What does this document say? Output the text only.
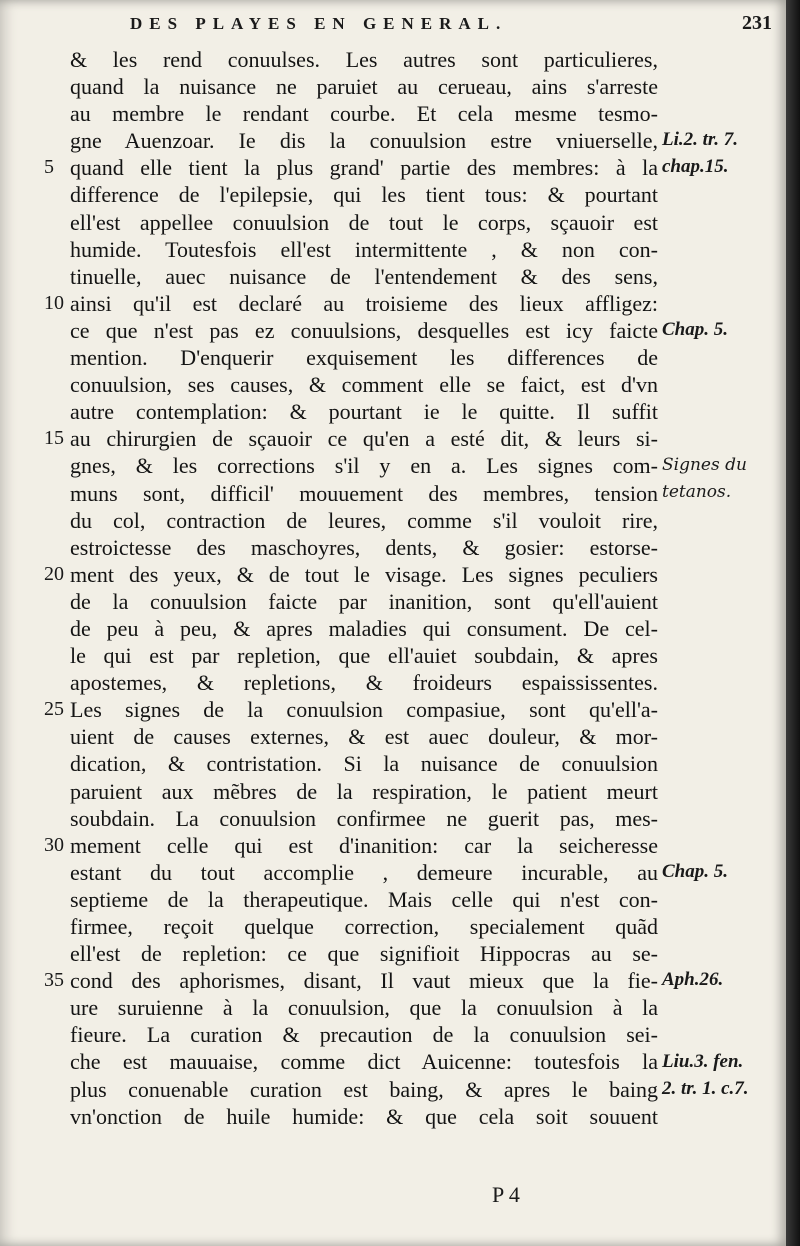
DES PLAYES EN GENERAL.	231
& les rend conuulses. Les autres sont particulieres,
quand la nuisance ne paruiet au cerueau, ains s'arreste
au membre le rendant courbe. Et cela mesme tesmo-
gne Auenzoar. Ie dis la conuulsion estre vniuerselle,
5 quand elle tient la plus grand' partie des membres: à la
difference de l'epilepsie, qui les tient tous: & pourtant
ell'est appellee conuulsion de tout le corps, sçauoir est
humide. Toutesfois ell'est intermittente , & non con-
tinuelle, auec nuisance de l'entendement & des sens,
10 ainsi qu'il est declaré au troisieme des lieux affligez:
ce que n'est pas ez conuulsions, desquelles est icy faicte
mention. D'enquerir exquisement les differences de
conuulsion, ses causes, & comment elle se faict, est d'vn
autre contemplation: & pourtant ie le quitte. Il suffit
15 au chirurgien de sçauoir ce qu'en a esté dit, & leurs si-
gnes, & les corrections s'il y en a. Les signes com-
muns sont, difficil' mouuement des membres, tension
du col, contraction de leures, comme s'il vouloit rire,
estroictesse des maschoyres, dents, & gosier: estorse-
20 ment des yeux, & de tout le visage. Les signes peculiers
de la conuulsion faicte par inanition, sont qu'ell'auient
de peu à peu, & apres maladies qui consument. De cel-
le qui est par repletion, que ell'auiet soubdain, & apres
apostemes, & repletions, & froideurs espaississentes.
25 Les signes de la conuulsion compasiue, sont qu'ell'a-
uient de causes externes, & est auec douleur, & mor-
dication, & contristation. Si la nuisance de conuulsion
paruient aux mẽbres de la respiration, le patient meurt
soubdain. La conuulsion confirmee ne guerit pas, mes-
30 mement celle qui est d'inanition: car la seicheresse
estant du tout accomplie , demeure incurable, au
septieme de la therapeutique. Mais celle qui n'est con-
firmee, reçoit quelque correction, specialement quãd
ell'est de repletion: ce que signifioit Hippocras au se-
35 cond des aphorismes, disant, Il vaut mieux que la fie-
ure suruienne à la conuulsion, que la conuulsion à la
fieure. La curation & precaution de la conuulsion sei-
che est mauuaise, comme dict Auicenne: toutesfois la
plus conuenable curation est baing, & apres le baing
vn'onction de huile humide: & que cela soit souuent
Li.2. tr. 7.
chap.15.
Chap. 5.
Signes du
tetanos.
Chap. 5.
Aph.26.
Liu.3. fen.
2. tr. 1. c.7.
P 4
